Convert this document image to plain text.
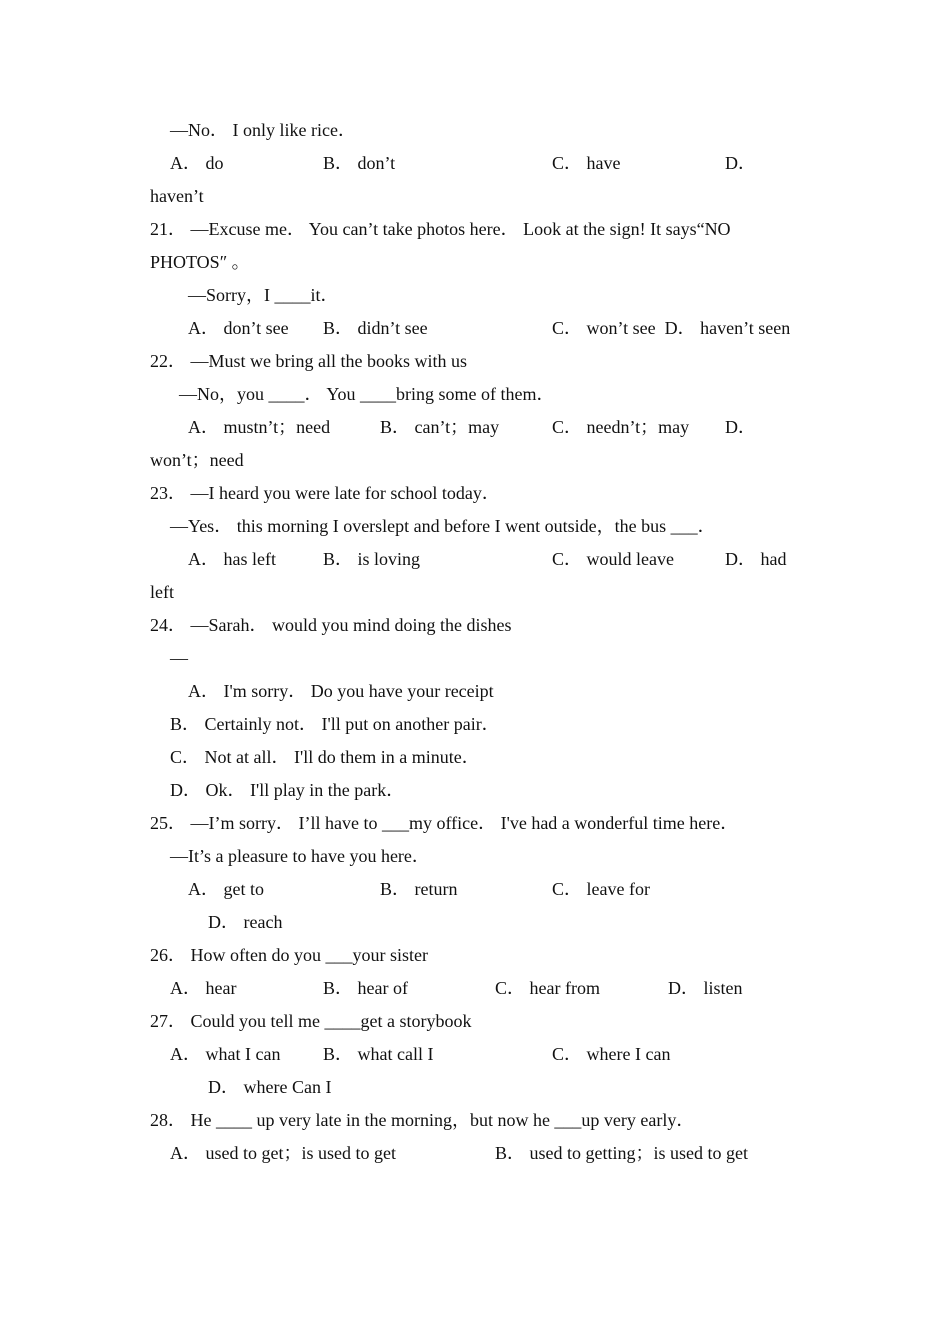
—No． I only like rice．
A． do	B． don’t	C． have	D．
haven’t
21． —Excuse me． You can’t take photos here． Look at the sign! It says“NO
PHOTOS″ 。
—Sorry，I ____it．
A． don’t see B． didn’t see	C． won’t see  D． haven’t seen
22． —Must we bring all the books with us
—No，you ____． You ____bring some of them．
A． mustn’t；need	B． can’t；may	C． needn’t；may D．
won’t；need
23． —I heard you were late for school today．
—Yes． this morning I overslept and before I went outside，the bus ___．
A． has left	B． is loving	C． would leave	D． had
left
24． —Sarah． would you mind doing the dishes
—
A． I'm sorry． Do you have your receipt
B． Certainly not． I'll put on another pair．
C． Not at all． I'll do them in a minute．
D． Ok． I'll play in the park．
25． —I’m sorry． I’ll have to ___my office． I've had a wonderful time here．
—It’s a pleasure to have you here．
A． get to	B． return	C． leave for
D． reach
26． How often do you ___your sister
A． hear	B． hear of	C． hear from	D． listen
27． Could you tell me ____get a storybook
A． what I can B． what call I	C． where I can
D． where Can I
28． He ____ up very late in the morning，but now he ___up very early．
A． used to get；is used to get	B． used to getting；is used to get
